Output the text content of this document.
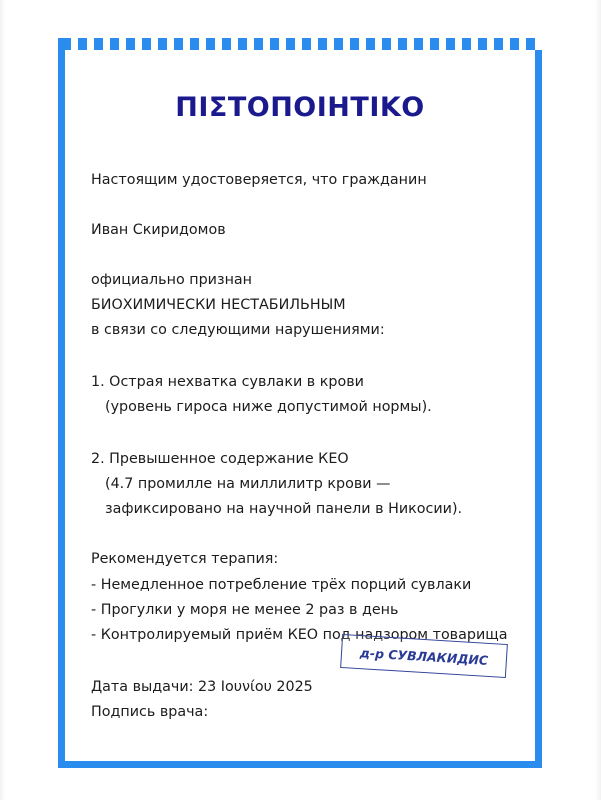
ΠΙΣΤΟΠΟΙΗΤΙΚΟ
Настоящим удостоверяется, что гражданин
Иван Скиридомов
официально признан
БИОХИМИЧЕСКИ НЕСТАБИЛЬНЫМ
в связи со следующими нарушениями:
1. Острая нехватка сувлаки в крови
(уровень гироса ниже допустимой нормы).
2. Превышенное содержание КЕО
(4.7 промилле на миллилитр крови —
зафиксировано на научной панели в Никосии).
Рекомендуется терапия:
- Немедленное потребление трёх порций сувлаки
- Прогулки у моря не менее 2 раз в день
- Контролируемый приём КЕО под надзором товарища
д-р СУВЛАКИДИС
Дата выдачи: 23 Ιουνίου 2025
Подпись врача:
